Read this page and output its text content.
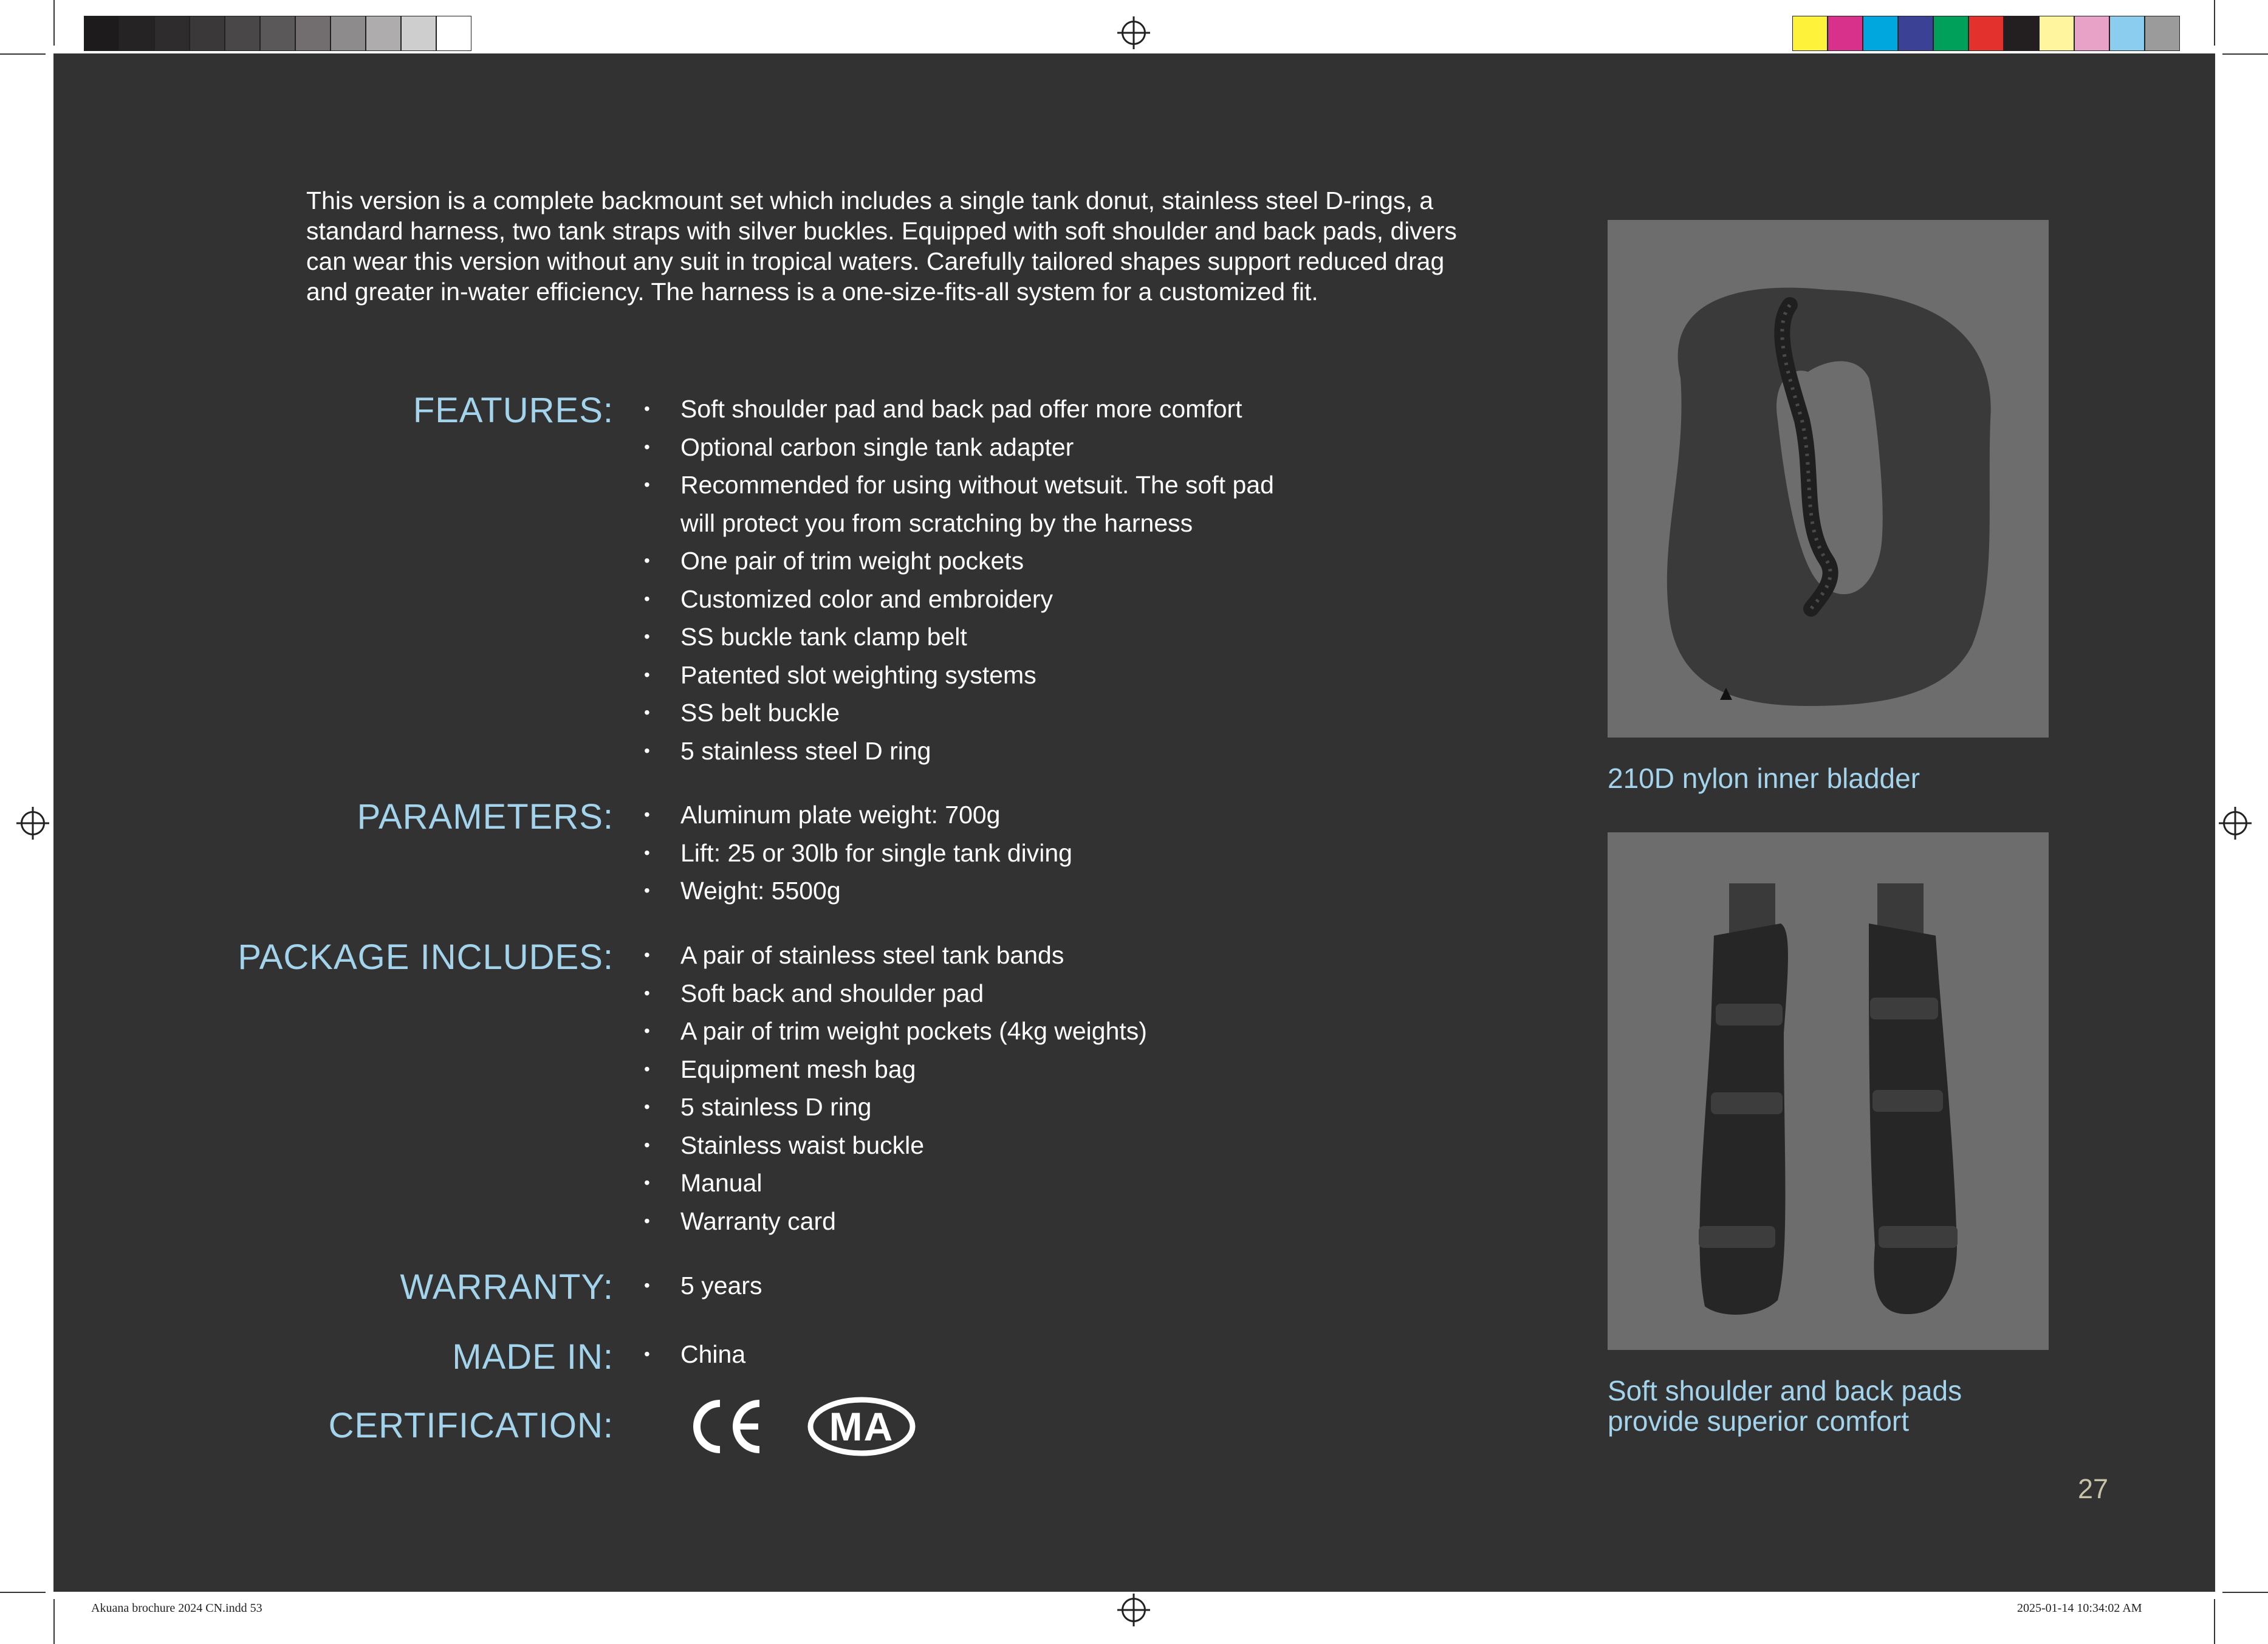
This version is a complete backmount set which includes a single tank donut, stainless steel D-rings, a standard harness, two tank straps with silver buckles. Equipped with soft shoulder and back pads, divers can wear this version without any suit in tropical waters. Carefully tailored shapes support reduced drag and greater in-water efficiency. The harness is a one-size-fits-all system for a customized fit.

FEATURES:	• Soft shoulder pad and back pad offer more comfort
• Optional carbon single tank adapter
• Recommended for using without wetsuit. The soft pad
will protect you from scratching by the harness
• One pair of trim weight pockets
• Customized color and embroidery
• SS buckle tank clamp belt
• Patented slot weighting systems
• SS belt buckle
• 5 stainless steel D ring
PARAMETERS:	• Aluminum plate weight: 700g
• Lift: 25 or 30lb for single tank diving
• Weight: 5500g
PACKAGE INCLUDES:	• A pair of stainless steel tank bands
• Soft back and shoulder pad
• A pair of trim weight pockets (4kg weights)
• Equipment mesh bag
• 5 stainless D ring
• Stainless waist buckle
• Manual
• Warranty card
WARRANTY:	• 5 years
MADE IN:	• China
CERTIFICATION:	MA

210D nylon inner bladder

Soft shoulder and back pads
provide superior comfort

27
Akuana brochure 2024 CN.indd 53	2025-01-14 10:34:02 AM
